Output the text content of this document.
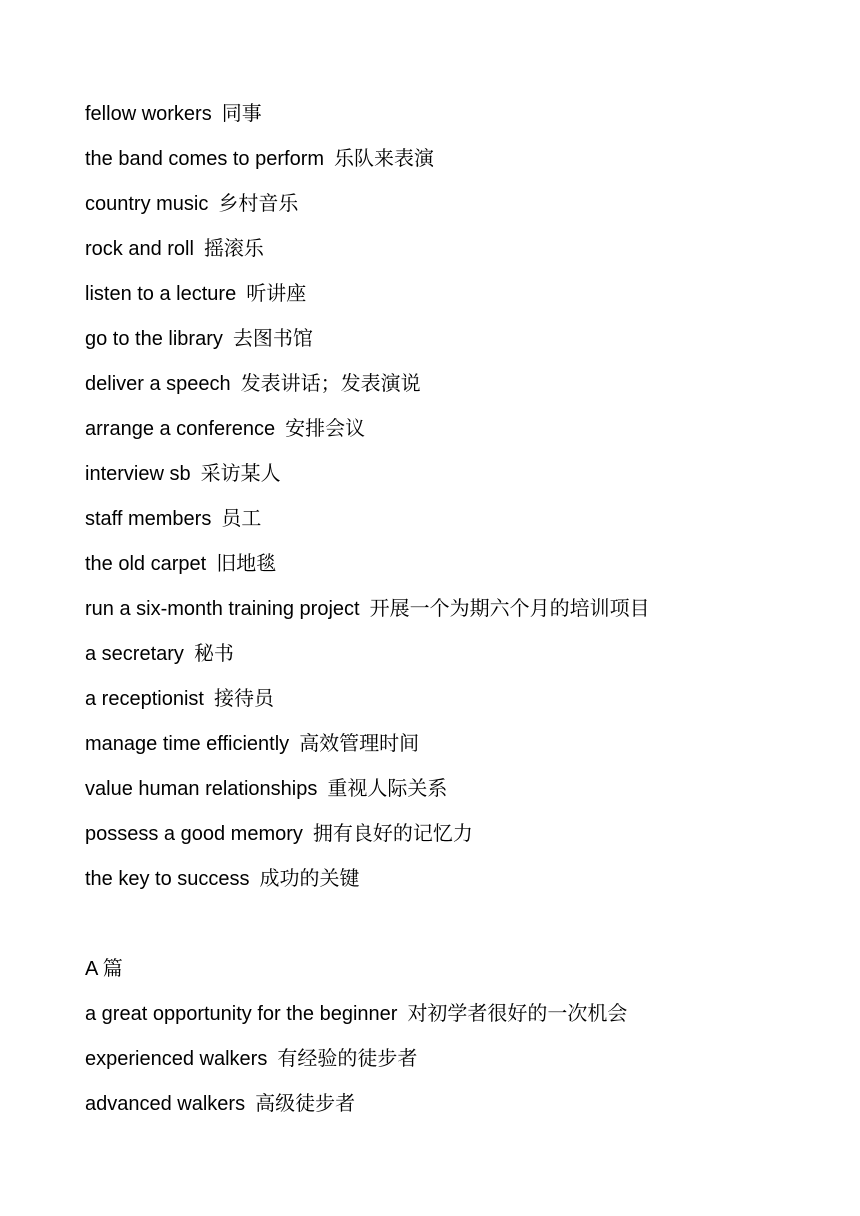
fellow workers 同事
the band comes to perform 乐队来表演
country music 乡村音乐
rock and roll 摇滚乐
listen to a lecture 听讲座
go to the library 去图书馆
deliver a speech 发表讲话；发表演说
arrange a conference 安排会议
interview sb 采访某人
staff members 员工
the old carpet 旧地毯
run a six-month training project 开展一个为期六个月的培训项目
a secretary 秘书
a receptionist 接待员
manage time efficiently 高效管理时间
value human relationships 重视人际关系
possess a good memory 拥有良好的记忆力
the key to success 成功的关键
A 篇
a great opportunity for the beginner 对初学者很好的一次机会
experienced walkers 有经验的徒步者
advanced walkers 高级徒步者
